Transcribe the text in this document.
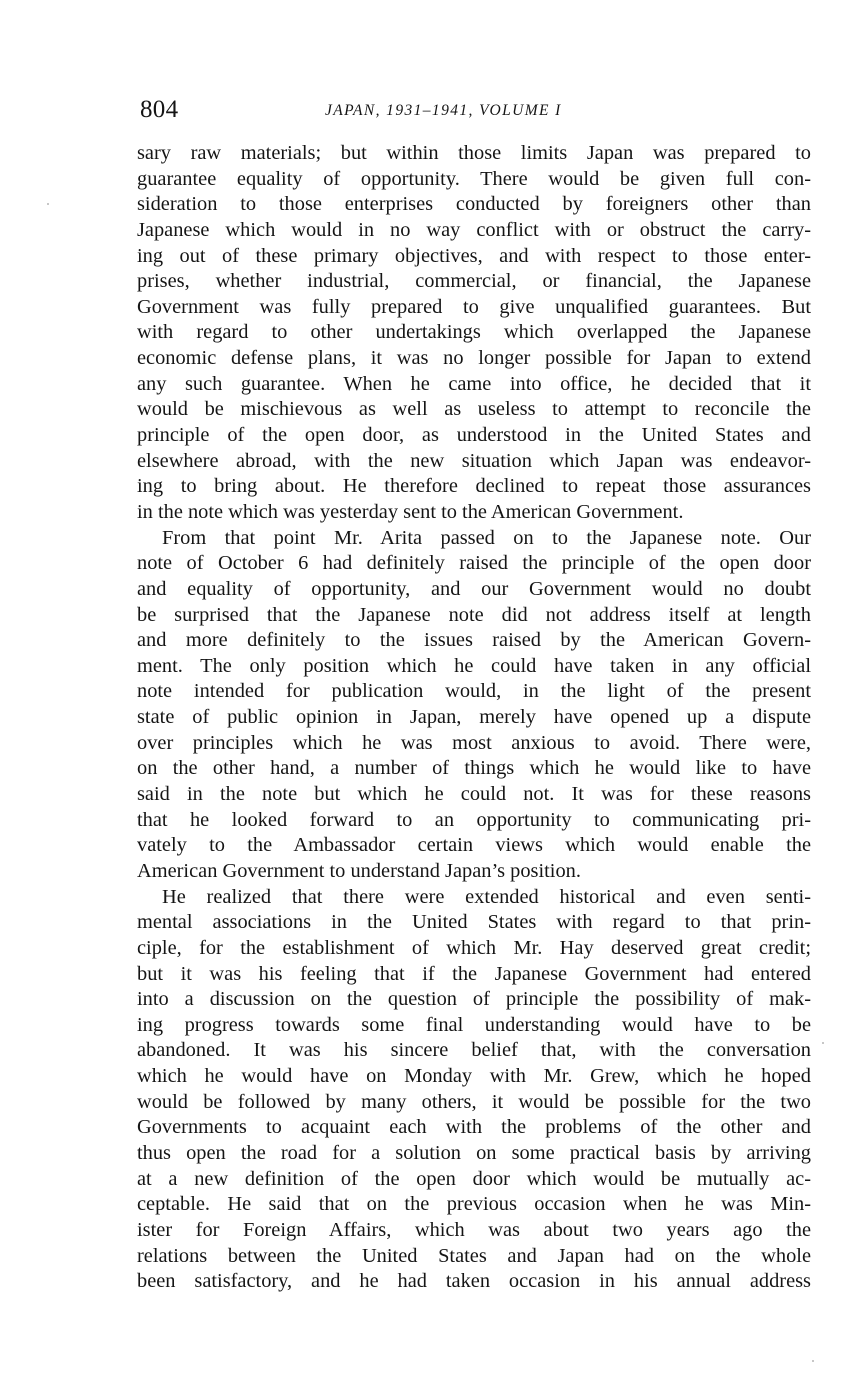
804	JAPAN, 1931–1941, VOLUME I
sary raw materials; but within those limits Japan was prepared to
guarantee equality of opportunity. There would be given full con-
sideration to those enterprises conducted by foreigners other than
Japanese which would in no way conflict with or obstruct the carry-
ing out of these primary objectives, and with respect to those enter-
prises, whether industrial, commercial, or financial, the Japanese
Government was fully prepared to give unqualified guarantees. But
with regard to other undertakings which overlapped the Japanese
economic defense plans, it was no longer possible for Japan to extend
any such guarantee. When he came into office, he decided that it
would be mischievous as well as useless to attempt to reconcile the
principle of the open door, as understood in the United States and
elsewhere abroad, with the new situation which Japan was endeavor-
ing to bring about. He therefore declined to repeat those assurances
in the note which was yesterday sent to the American Government.
From that point Mr. Arita passed on to the Japanese note. Our
note of October 6 had definitely raised the principle of the open door
and equality of opportunity, and our Government would no doubt
be surprised that the Japanese note did not address itself at length
and more definitely to the issues raised by the American Govern-
ment. The only position which he could have taken in any official
note intended for publication would, in the light of the present
state of public opinion in Japan, merely have opened up a dispute
over principles which he was most anxious to avoid. There were,
on the other hand, a number of things which he would like to have
said in the note but which he could not. It was for these reasons
that he looked forward to an opportunity to communicating pri-
vately to the Ambassador certain views which would enable the
American Government to understand Japan’s position.
He realized that there were extended historical and even senti-
mental associations in the United States with regard to that prin-
ciple, for the establishment of which Mr. Hay deserved great credit;
but it was his feeling that if the Japanese Government had entered
into a discussion on the question of principle the possibility of mak-
ing progress towards some final understanding would have to be
abandoned. It was his sincere belief that, with the conversation
which he would have on Monday with Mr. Grew, which he hoped
would be followed by many others, it would be possible for the two
Governments to acquaint each with the problems of the other and
thus open the road for a solution on some practical basis by arriving
at a new definition of the open door which would be mutually ac-
ceptable. He said that on the previous occasion when he was Min-
ister for Foreign Affairs, which was about two years ago the
relations between the United States and Japan had on the whole
been satisfactory, and he had taken occasion in his annual address
